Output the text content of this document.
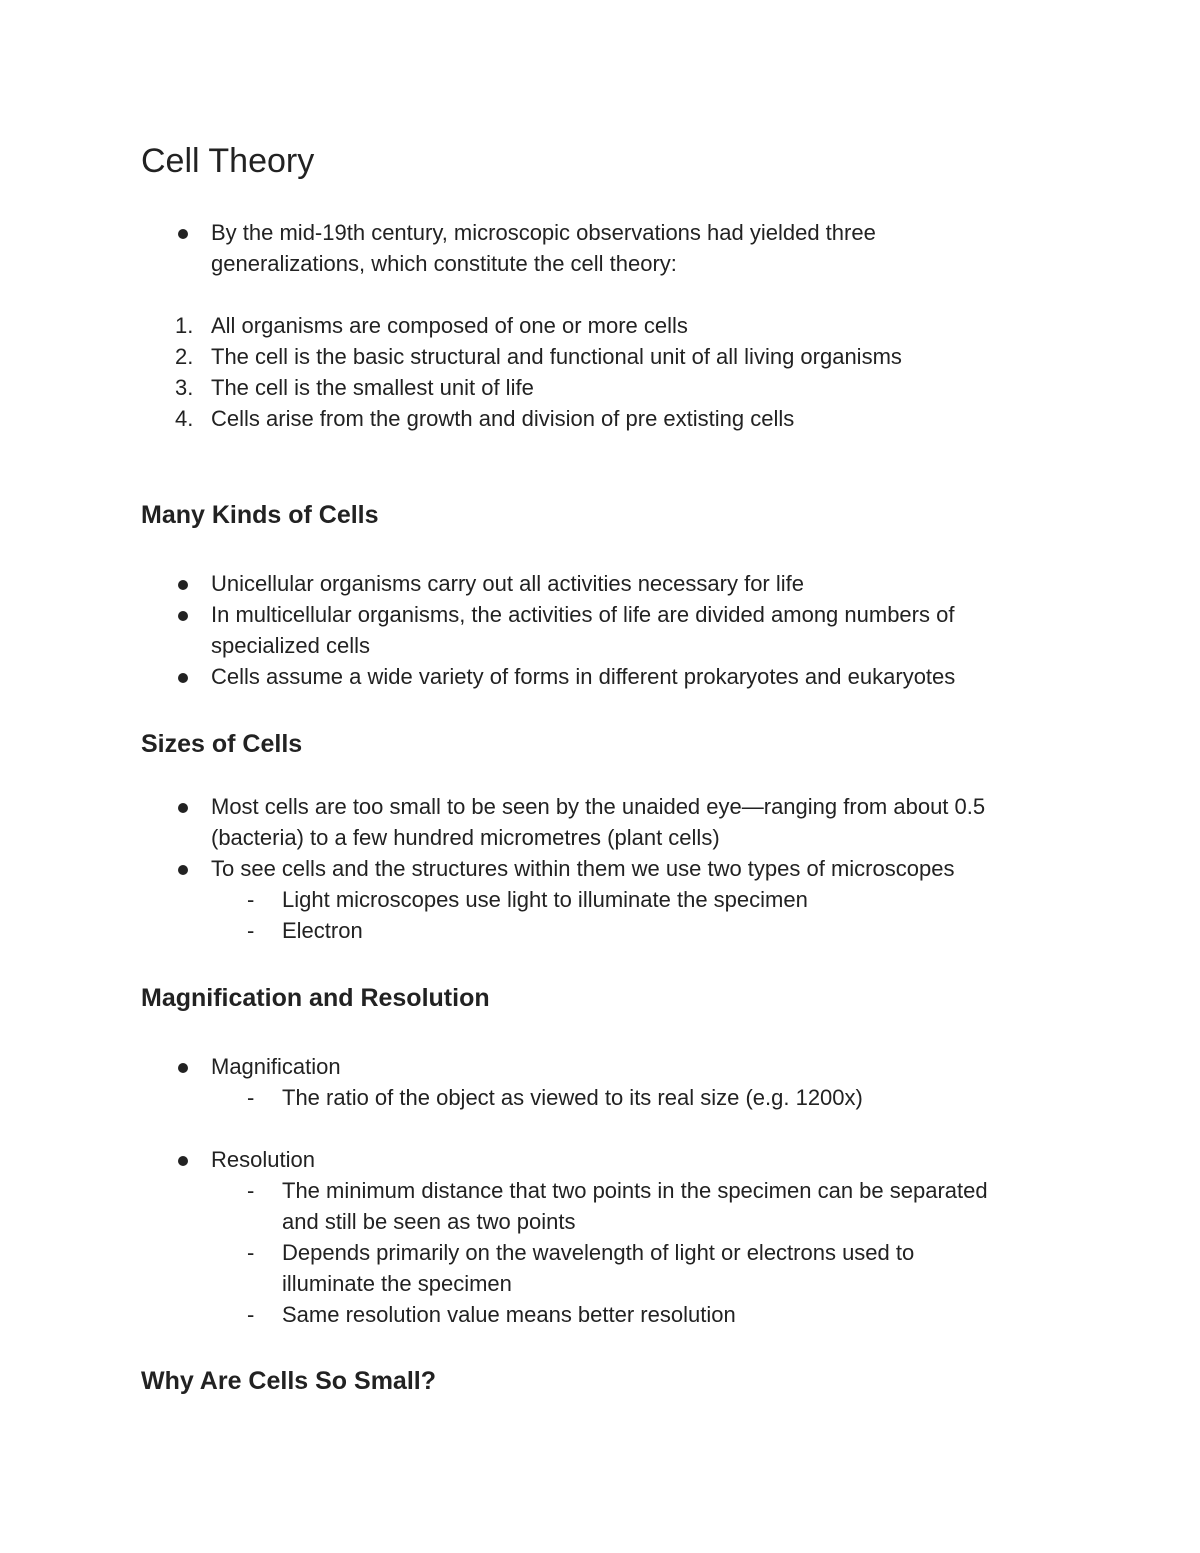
Cell Theory

By the mid-19th century, microscopic observations had yielded three

generalizations, which constitute the cell theory:

1. All organisms are composed of one or more cells

2. The cell is the basic structural and functional unit of all living organisms

3. The cell is the smallest unit of life

4. Cells arise from the growth and division of pre extisting cells

Many Kinds of Cells

Unicellular organisms carry out all activities necessary for life

In multicellular organisms, the activities of life are divided among numbers of

specialized cells

Cells assume a wide variety of forms in different prokaryotes and eukaryotes

Sizes of Cells

Most cells are too small to be seen by the unaided eye—ranging from about 0.5

(bacteria) to a few hundred micrometres (plant cells)

To see cells and the structures within them we use two types of microscopes

- Light microscopes use light to illuminate the specimen

- Electron

Magnification and Resolution

Magnification

- The ratio of the object as viewed to its real size (e.g. 1200x)

Resolution

- The minimum distance that two points in the specimen can be separated

and still be seen as two points

- Depends primarily on the wavelength of light or electrons used to

illuminate the specimen

- Same resolution value means better resolution

Why Are Cells So Small?
